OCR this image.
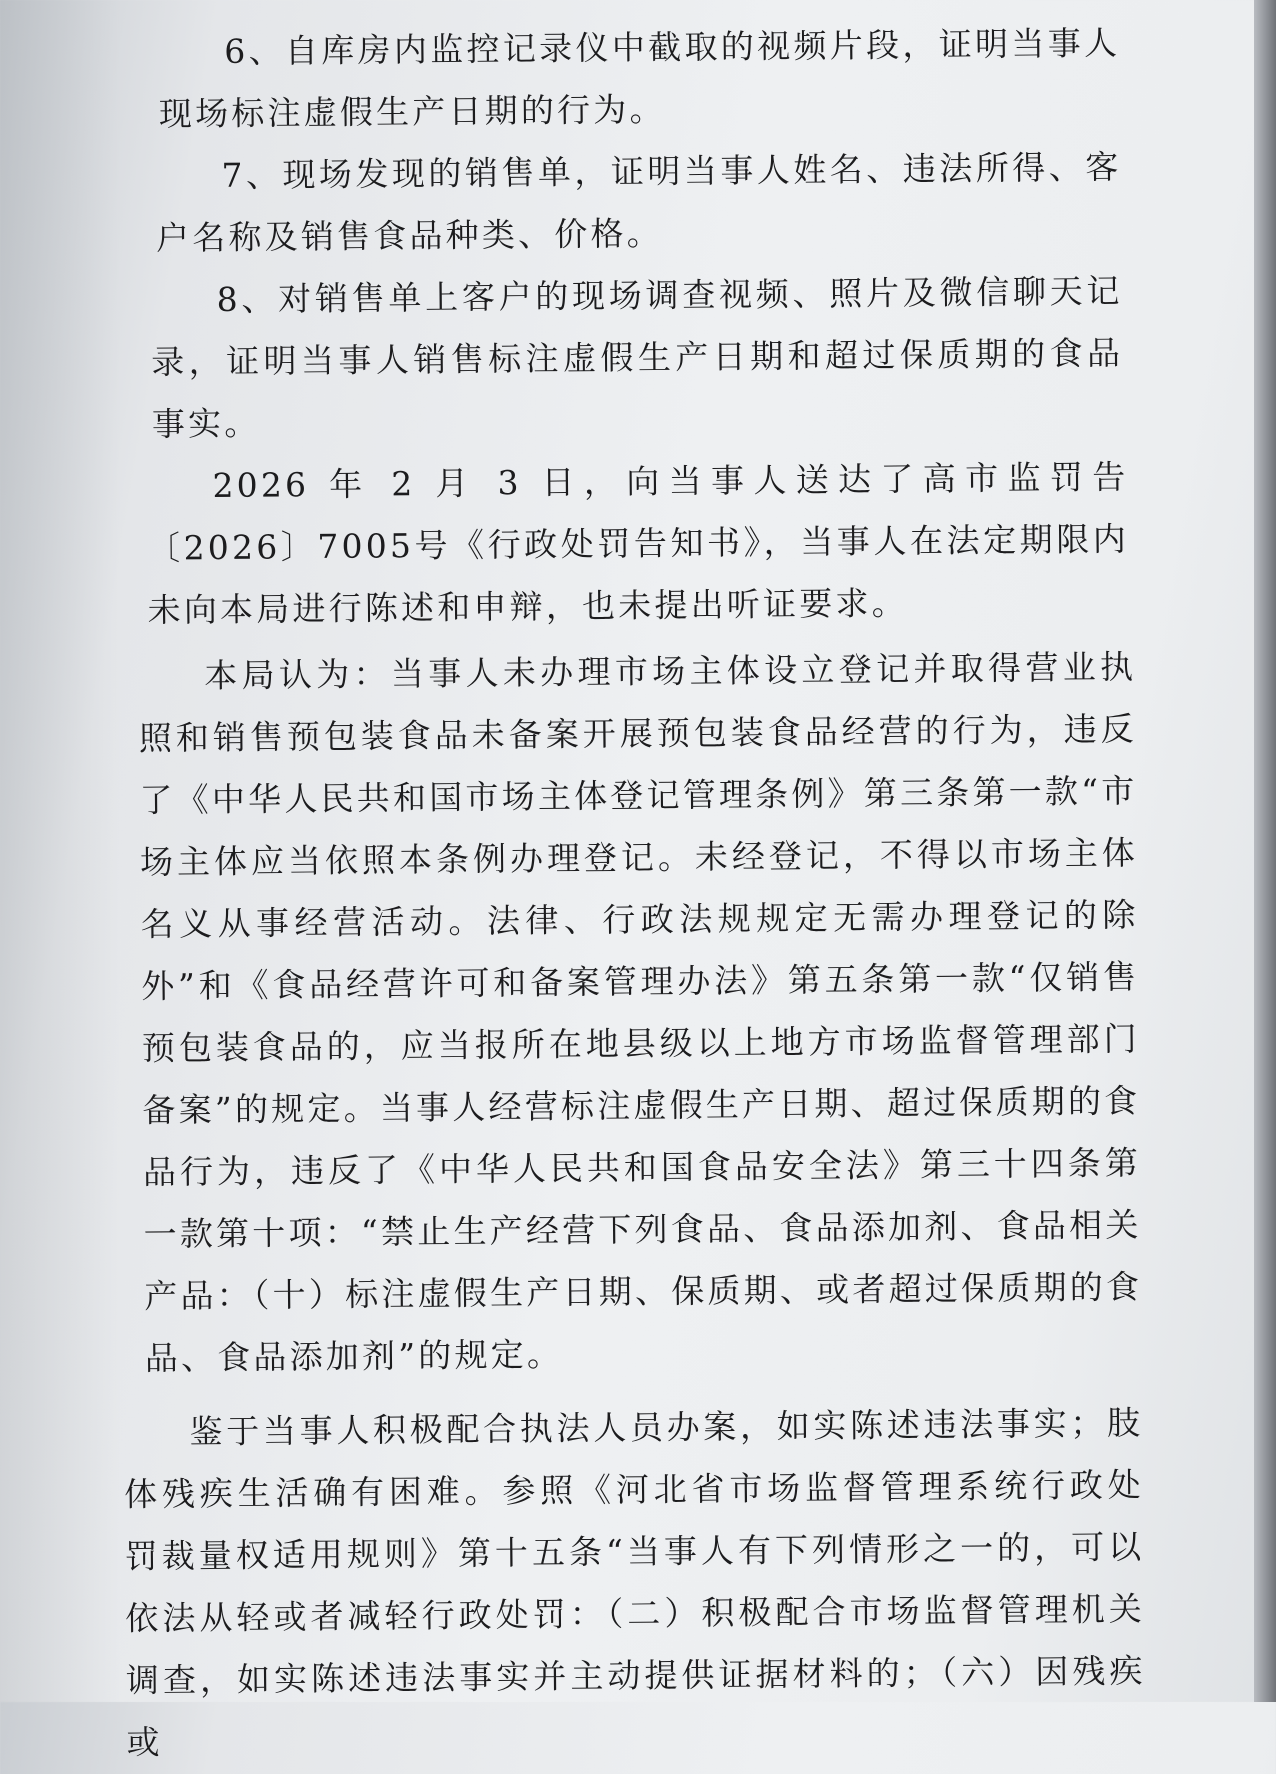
6、自库房内监控记录仪中截取的视频片段，证明当事人现场标注虚假生产日期的行为。

7、现场发现的销售单，证明当事人姓名、违法所得、客户名称及销售食品种类、价格。

8、对销售单上客户的现场调查视频、照片及微信聊天记录，证明当事人销售标注虚假生产日期和超过保质期的食品事实。

2026 年 2 月 3 日，向当事人送达了高市监罚告〔2026〕7005号《行政处罚告知书》，当事人在法定期限内未向本局进行陈述和申辩，也未提出听证要求。

本局认为：当事人未办理市场主体设立登记并取得营业执照和销售预包装食品未备案开展预包装食品经营的行为，违反了《中华人民共和国市场主体登记管理条例》第三条第一款“市场主体应当依照本条例办理登记。未经登记，不得以市场主体名义从事经营活动。法律、行政法规规定无需办理登记的除外”和《食品经营许可和备案管理办法》第五条第一款“仅销售预包装食品的，应当报所在地县级以上地方市场监督管理部门备案”的规定。当事人经营标注虚假生产日期、超过保质期的食品行为，违反了《中华人民共和国食品安全法》第三十四条第一款第十项：“禁止生产经营下列食品、食品添加剂、食品相关产品：（十）标注虚假生产日期、保质期、或者超过保质期的食品、食品添加剂”的规定。

鉴于当事人积极配合执法人员办案，如实陈述违法事实；肢体残疾生活确有困难。参照《河北省市场监督管理系统行政处罚裁量权适用规则》第十五条“当事人有下列情形之一的，可以依法从轻或者减轻行政处罚：（二）积极配合市场监督管理机关调查，如实陈述违法事实并主动提供证据材料的；（六）因残疾或
